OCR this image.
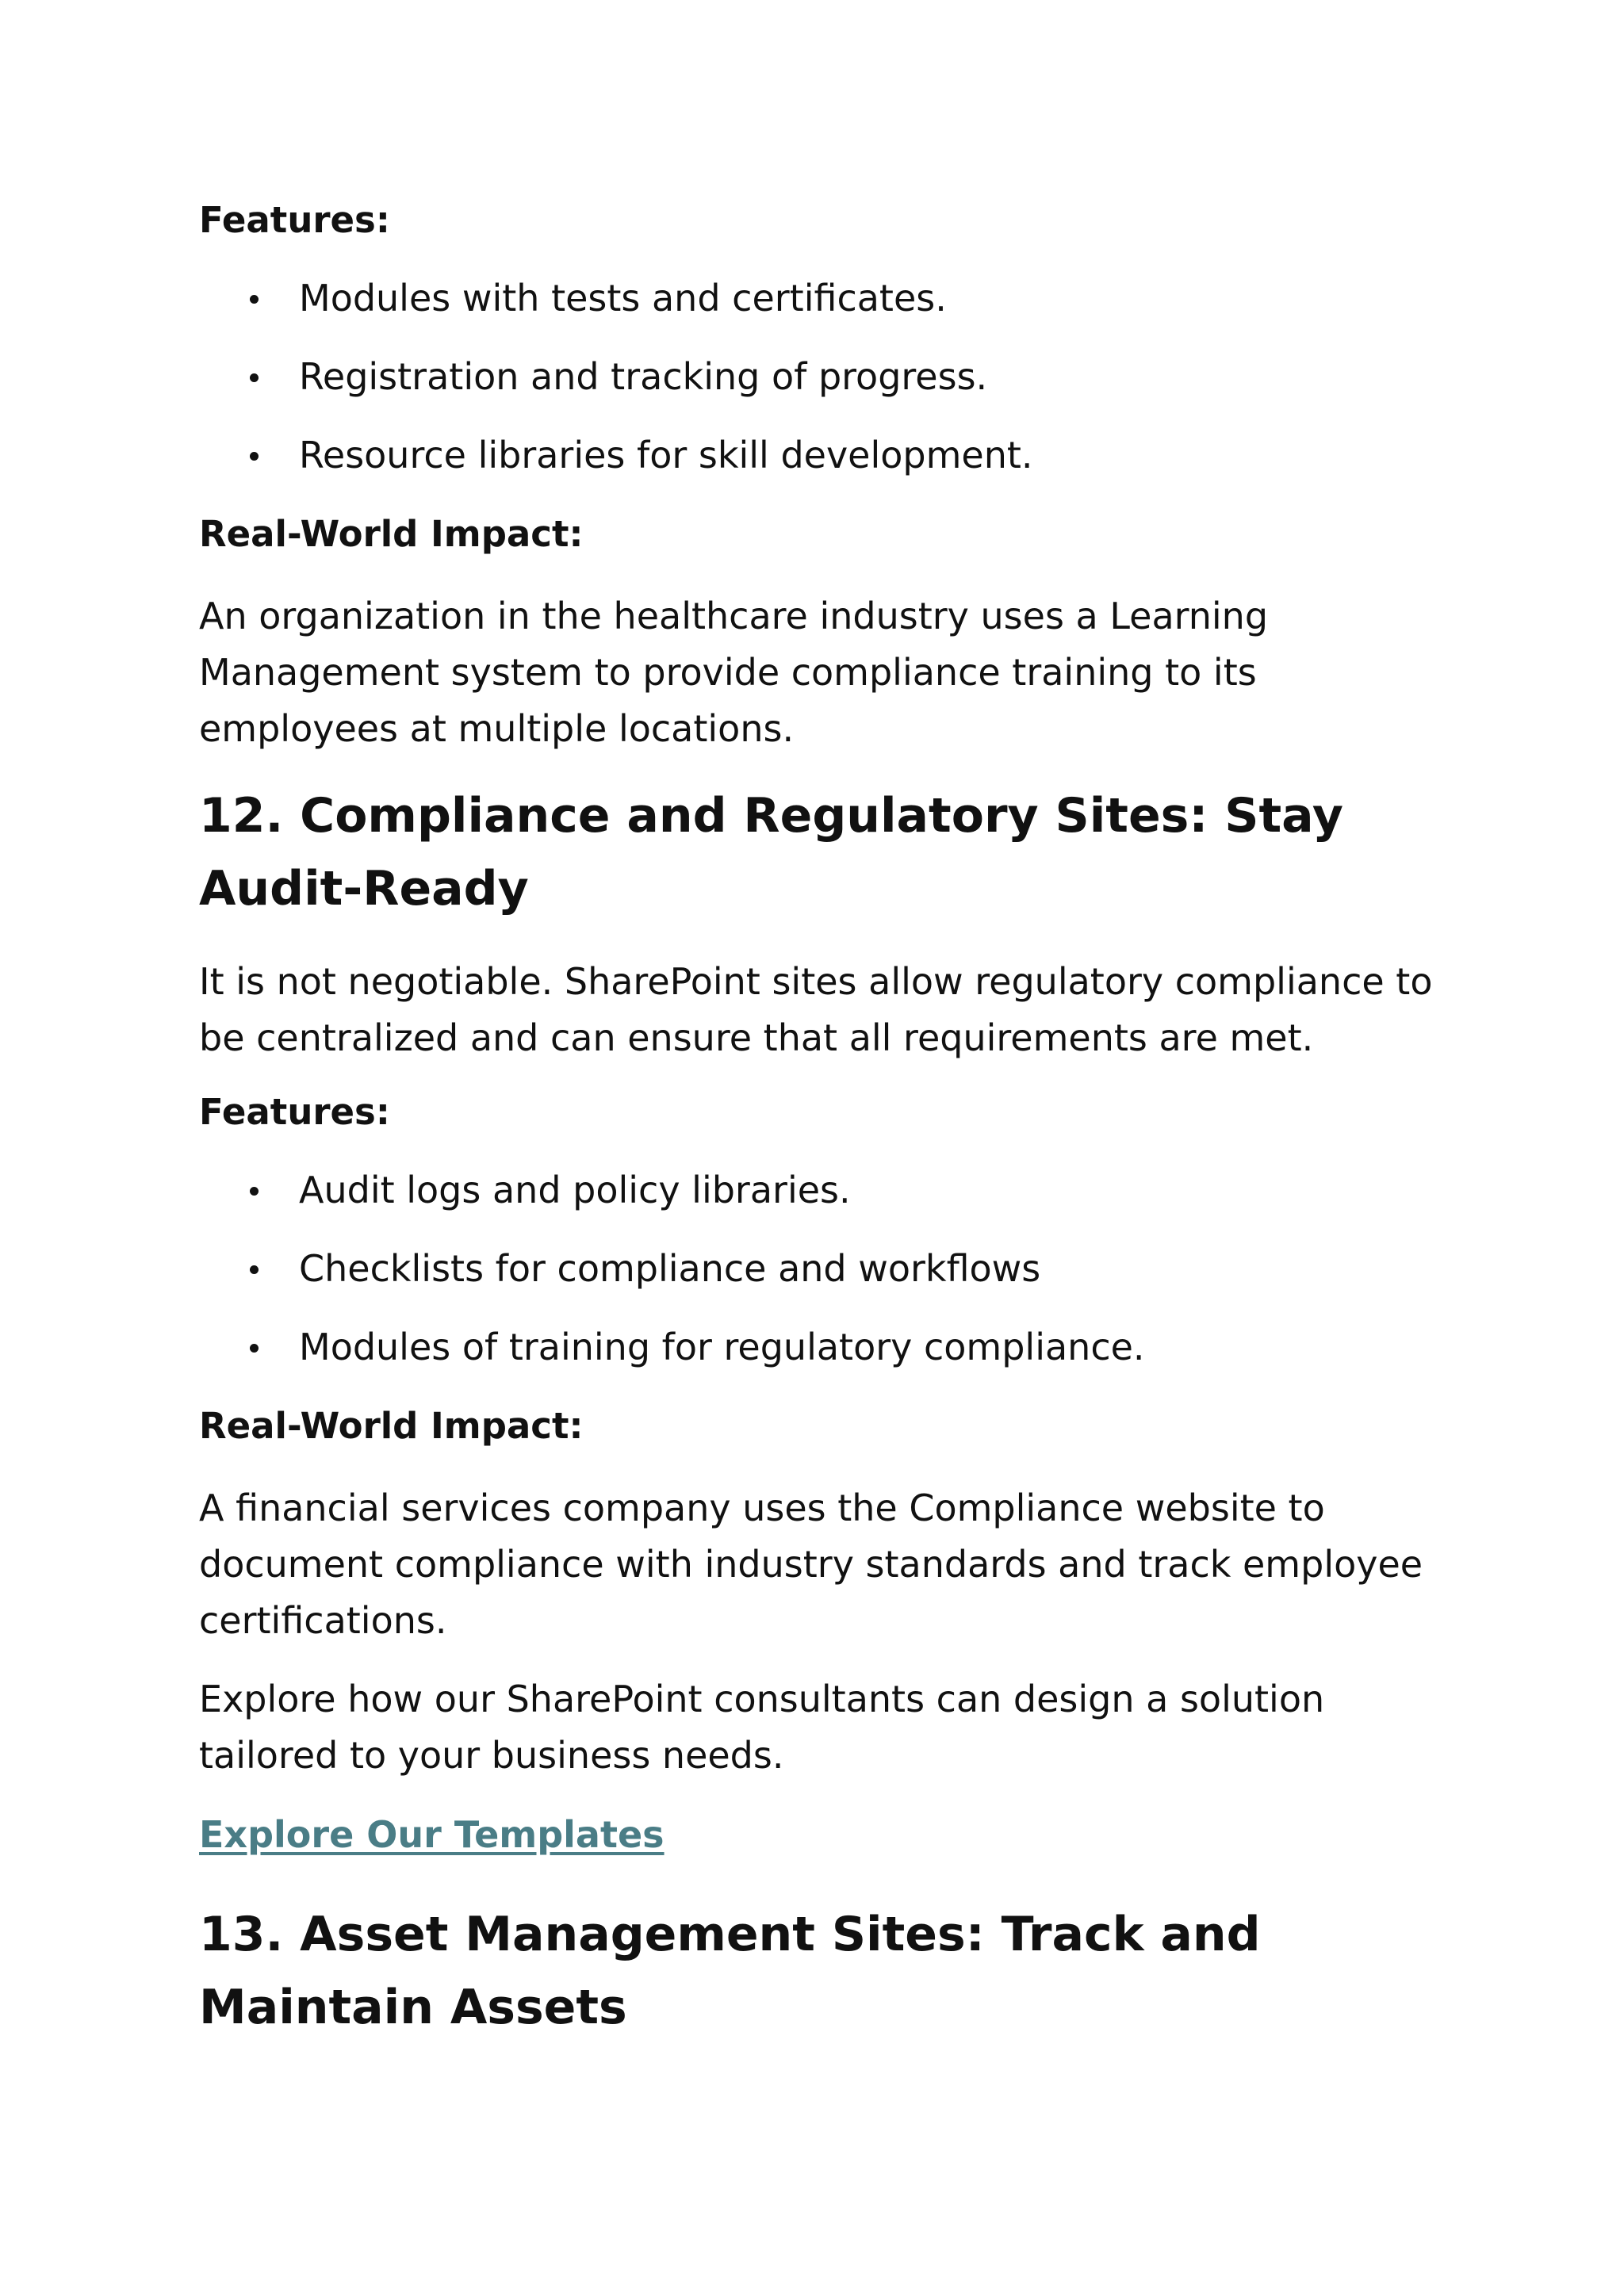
Features:
Modules with tests and certificates.
Registration and tracking of progress.
Resource libraries for skill development.
Real-World Impact:

An organization in the healthcare industry uses a Learning Management system to provide compliance training to its employees at multiple locations.

12. Compliance and Regulatory Sites: Stay Audit-Ready

It is not negotiable. SharePoint sites allow regulatory compliance to be centralized and can ensure that all requirements are met.

Features:
Audit logs and policy libraries.
Checklists for compliance and workflows
Modules of training for regulatory compliance.
Real-World Impact:

A financial services company uses the Compliance website to document compliance with industry standards and track employee certifications.

Explore how our SharePoint consultants can design a solution tailored to your business needs.

Explore Our Templates
13. Asset Management Sites: Track and Maintain Assets
